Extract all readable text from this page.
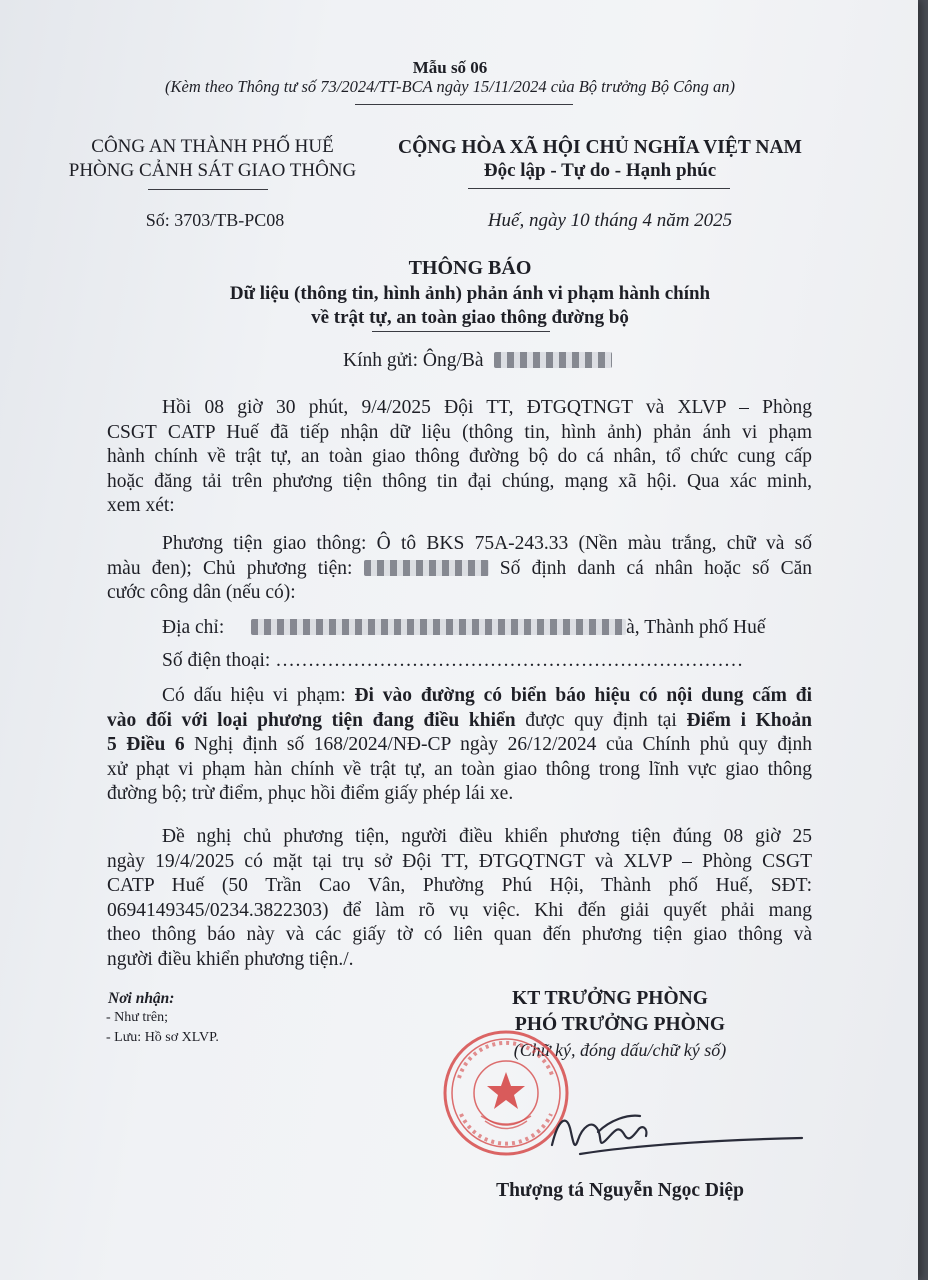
Mẫu số 06
(Kèm theo Thông tư số 73/2024/TT-BCA ngày 15/11/2024 của Bộ trưởng Bộ Công an)
CÔNG AN THÀNH PHỐ HUẾ
PHÒNG CẢNH SÁT GIAO THÔNG
Số: 3703/TB-PC08
CỘNG HÒA XÃ HỘI CHỦ NGHĨA VIỆT NAM
Độc lập - Tự do - Hạnh phúc
Huế, ngày 10 tháng 4 năm 2025
THÔNG BÁO
Dữ liệu (thông tin, hình ảnh) phản ánh vi phạm hành chính
về trật tự, an toàn giao thông đường bộ
Kính gửi: Ông/Bà
Hồi 08 giờ 30 phút, 9/4/2025 Đội TT, ĐTGQTNGT và XLVP – Phòng
CSGT CATP Huế đã tiếp nhận dữ liệu (thông tin, hình ảnh) phản ánh vi phạm
hành chính về trật tự, an toàn giao thông đường bộ do cá nhân, tổ chức cung cấp
hoặc đăng tải trên phương tiện thông tin đại chúng, mạng xã hội. Qua xác minh,
xem xét:
Phương tiện giao thông: Ô tô BKS 75A-243.33 (Nền màu trắng, chữ và số
màu đen); Chủ phương tiện:	Số định danh cá nhân hoặc số Căn
cước công dân (nếu có):
Địa chỉ:	à, Thành phố Huế
Số điện thoại: ………………………………………………………………
Có dấu hiệu vi phạm: Đi vào đường có biển báo hiệu có nội dung cấm đi
vào đối với loại phương tiện đang điều khiển được quy định tại Điểm i Khoản
5 Điều 6 Nghị định số 168/2024/NĐ-CP ngày 26/12/2024 của Chính phủ quy định
xử phạt vi phạm hàn chính về trật tự, an toàn giao thông trong lĩnh vực giao thông
đường bộ; trừ điểm, phục hồi điểm giấy phép lái xe.
Đề nghị chủ phương tiện, người điều khiển phương tiện đúng 08 giờ 25
ngày 19/4/2025 có mặt tại trụ sở Đội TT, ĐTGQTNGT và XLVP – Phòng CSGT
CATP Huế (50 Trần Cao Vân, Phường Phú Hội, Thành phố Huế, SĐT:
0694149345/0234.3822303) để làm rõ vụ việc. Khi đến giải quyết phải mang
theo thông báo này và các giấy tờ có liên quan đến phương tiện giao thông và
người điều khiển phương tiện./.
Nơi nhận:
- Như trên;
- Lưu: Hồ sơ XLVP.
KT TRƯỞNG PHÒNG
PHÓ TRƯỞNG PHÒNG
(Chữ ký, đóng dấu/chữ ký số)
Thượng tá Nguyễn Ngọc Diệp
